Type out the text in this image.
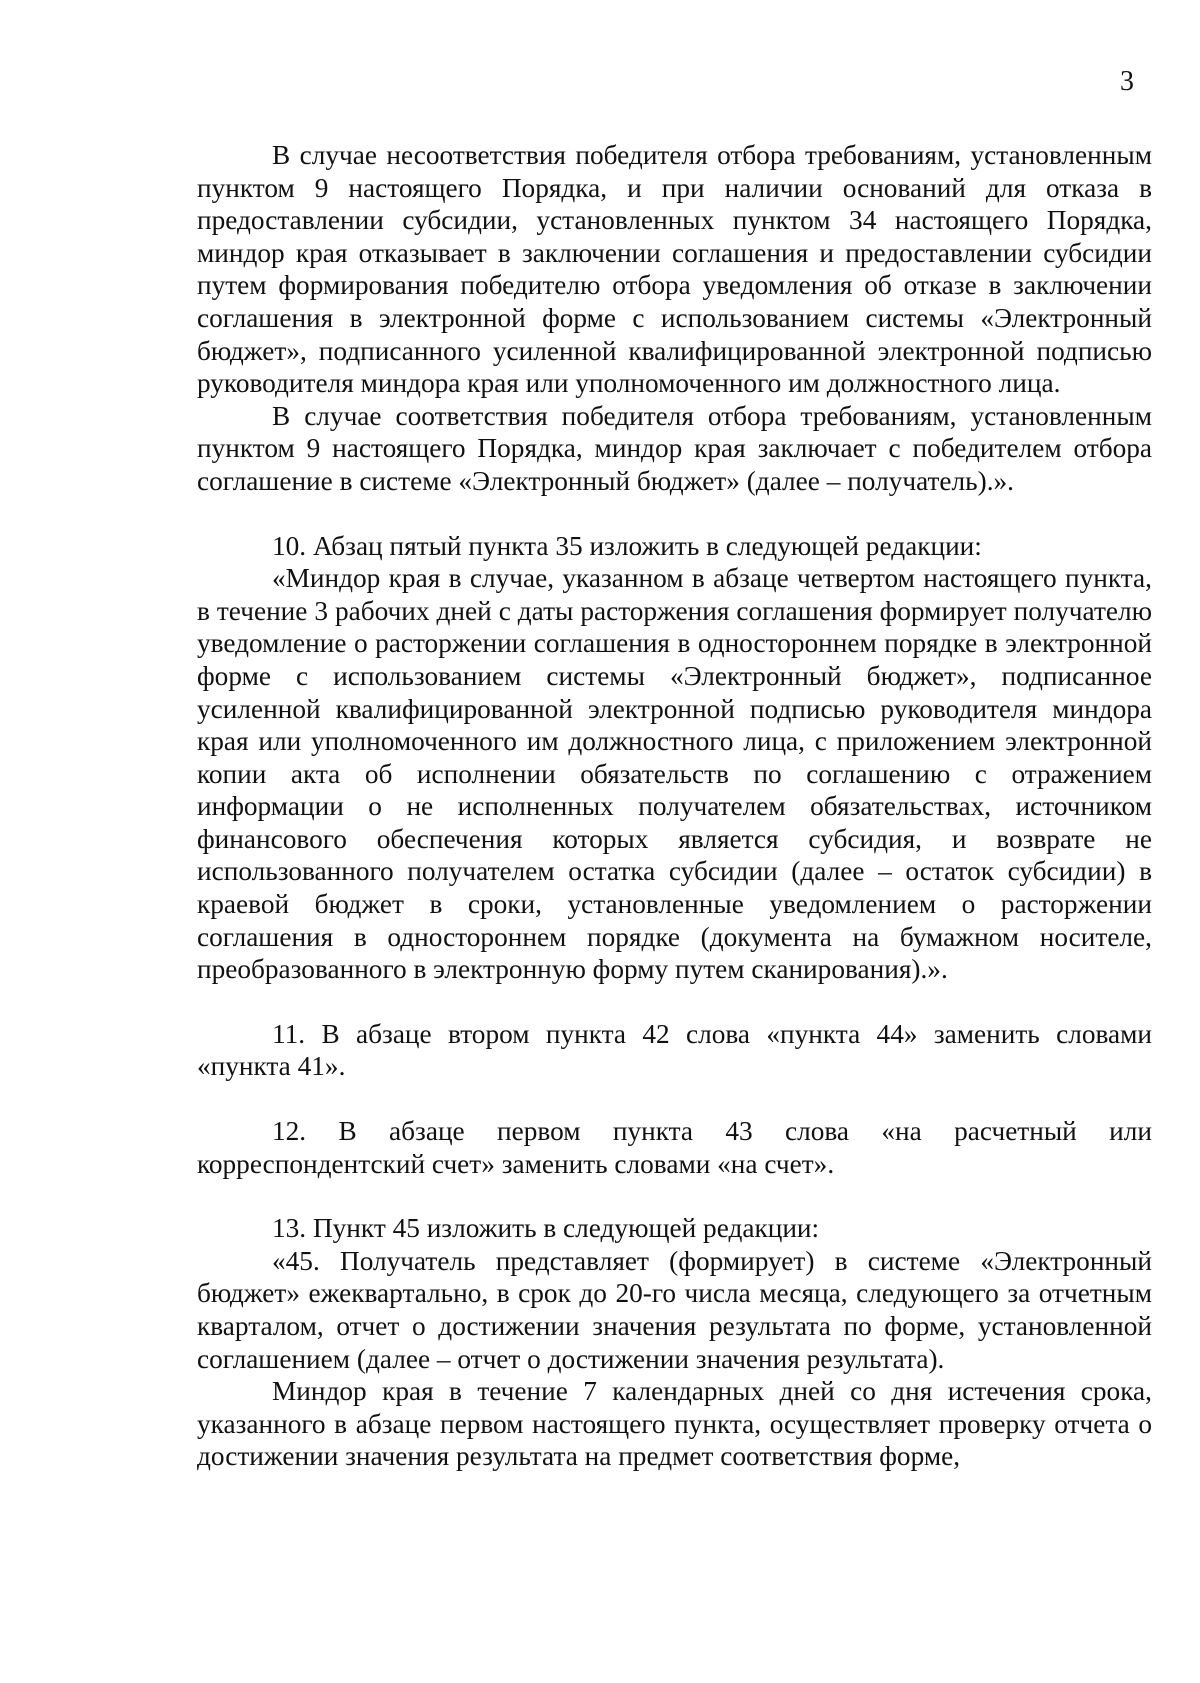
3

В случае несоответствия победителя отбора требованиям, установленным пунктом 9 настоящего Порядка, и при наличии оснований для отказа в предоставлении субсидии, установленных пунктом 34 настоящего Порядка, миндор края отказывает в заключении соглашения и предоставлении субсидии путем формирования победителю отбора уведомления об отказе в заключении соглашения в электронной форме с использованием системы «Электронный бюджет», подписанного усиленной квалифицированной электронной подписью руководителя миндора края или уполномоченного им должностного лица.

В случае соответствия победителя отбора требованиям, установленным пунктом 9 настоящего Порядка, миндор края заключает с победителем отбора соглашение в системе «Электронный бюджет» (далее – получатель).».

10. Абзац пятый пункта 35 изложить в следующей редакции:

«Миндор края в случае, указанном в абзаце четвертом настоящего пункта, в течение 3 рабочих дней с даты расторжения соглашения формирует получателю уведомление о расторжении соглашения в одностороннем порядке в электронной форме с использованием системы «Электронный бюджет», подписанное усиленной квалифицированной электронной подписью руководителя миндора края или уполномоченного им должностного лица, с приложением электронной копии акта об исполнении обязательств по соглашению с отражением информации о не исполненных получателем обязательствах, источником финансового обеспечения которых является субсидия, и возврате не использованного получателем остатка субсидии (далее – остаток субсидии) в краевой бюджет в сроки, установленные уведомлением о расторжении соглашения в одностороннем порядке (документа на бумажном носителе, преобразованного в электронную форму путем сканирования).».

11. В абзаце втором пункта 42 слова «пункта 44» заменить словами «пункта 41».

12. В абзаце первом пункта 43 слова «на расчетный или корреспондентский счет» заменить словами «на счет».

13. Пункт 45 изложить в следующей редакции:

«45. Получатель представляет (формирует) в системе «Электронный бюджет» ежеквартально, в срок до 20-го числа месяца, следующего за отчетным кварталом, отчет о достижении значения результата по форме, установленной соглашением (далее – отчет о достижении значения результата).

Миндор края в течение 7 календарных дней со дня истечения срока, указанного в абзаце первом настоящего пункта, осуществляет проверку отчета о достижении значения результата на предмет соответствия форме,
